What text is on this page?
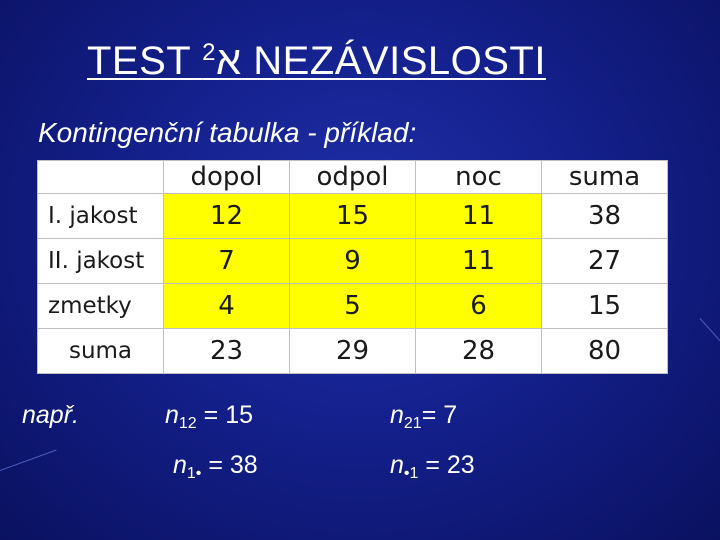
TEST א$^2$ NEZÁVISLOSTI
Kontingenční tabulka - příklad:
	dopol	odpol	noc	suma
I. jakost	12	15	11	38
II. jakost	7	9	11	27
zmetky	4	5	6	15
suma	23	29	28	80
např.	$n_{12} = 15$	$n_{21}= 7$
$n_{1•} = 38$	$n_{•1} = 23$
